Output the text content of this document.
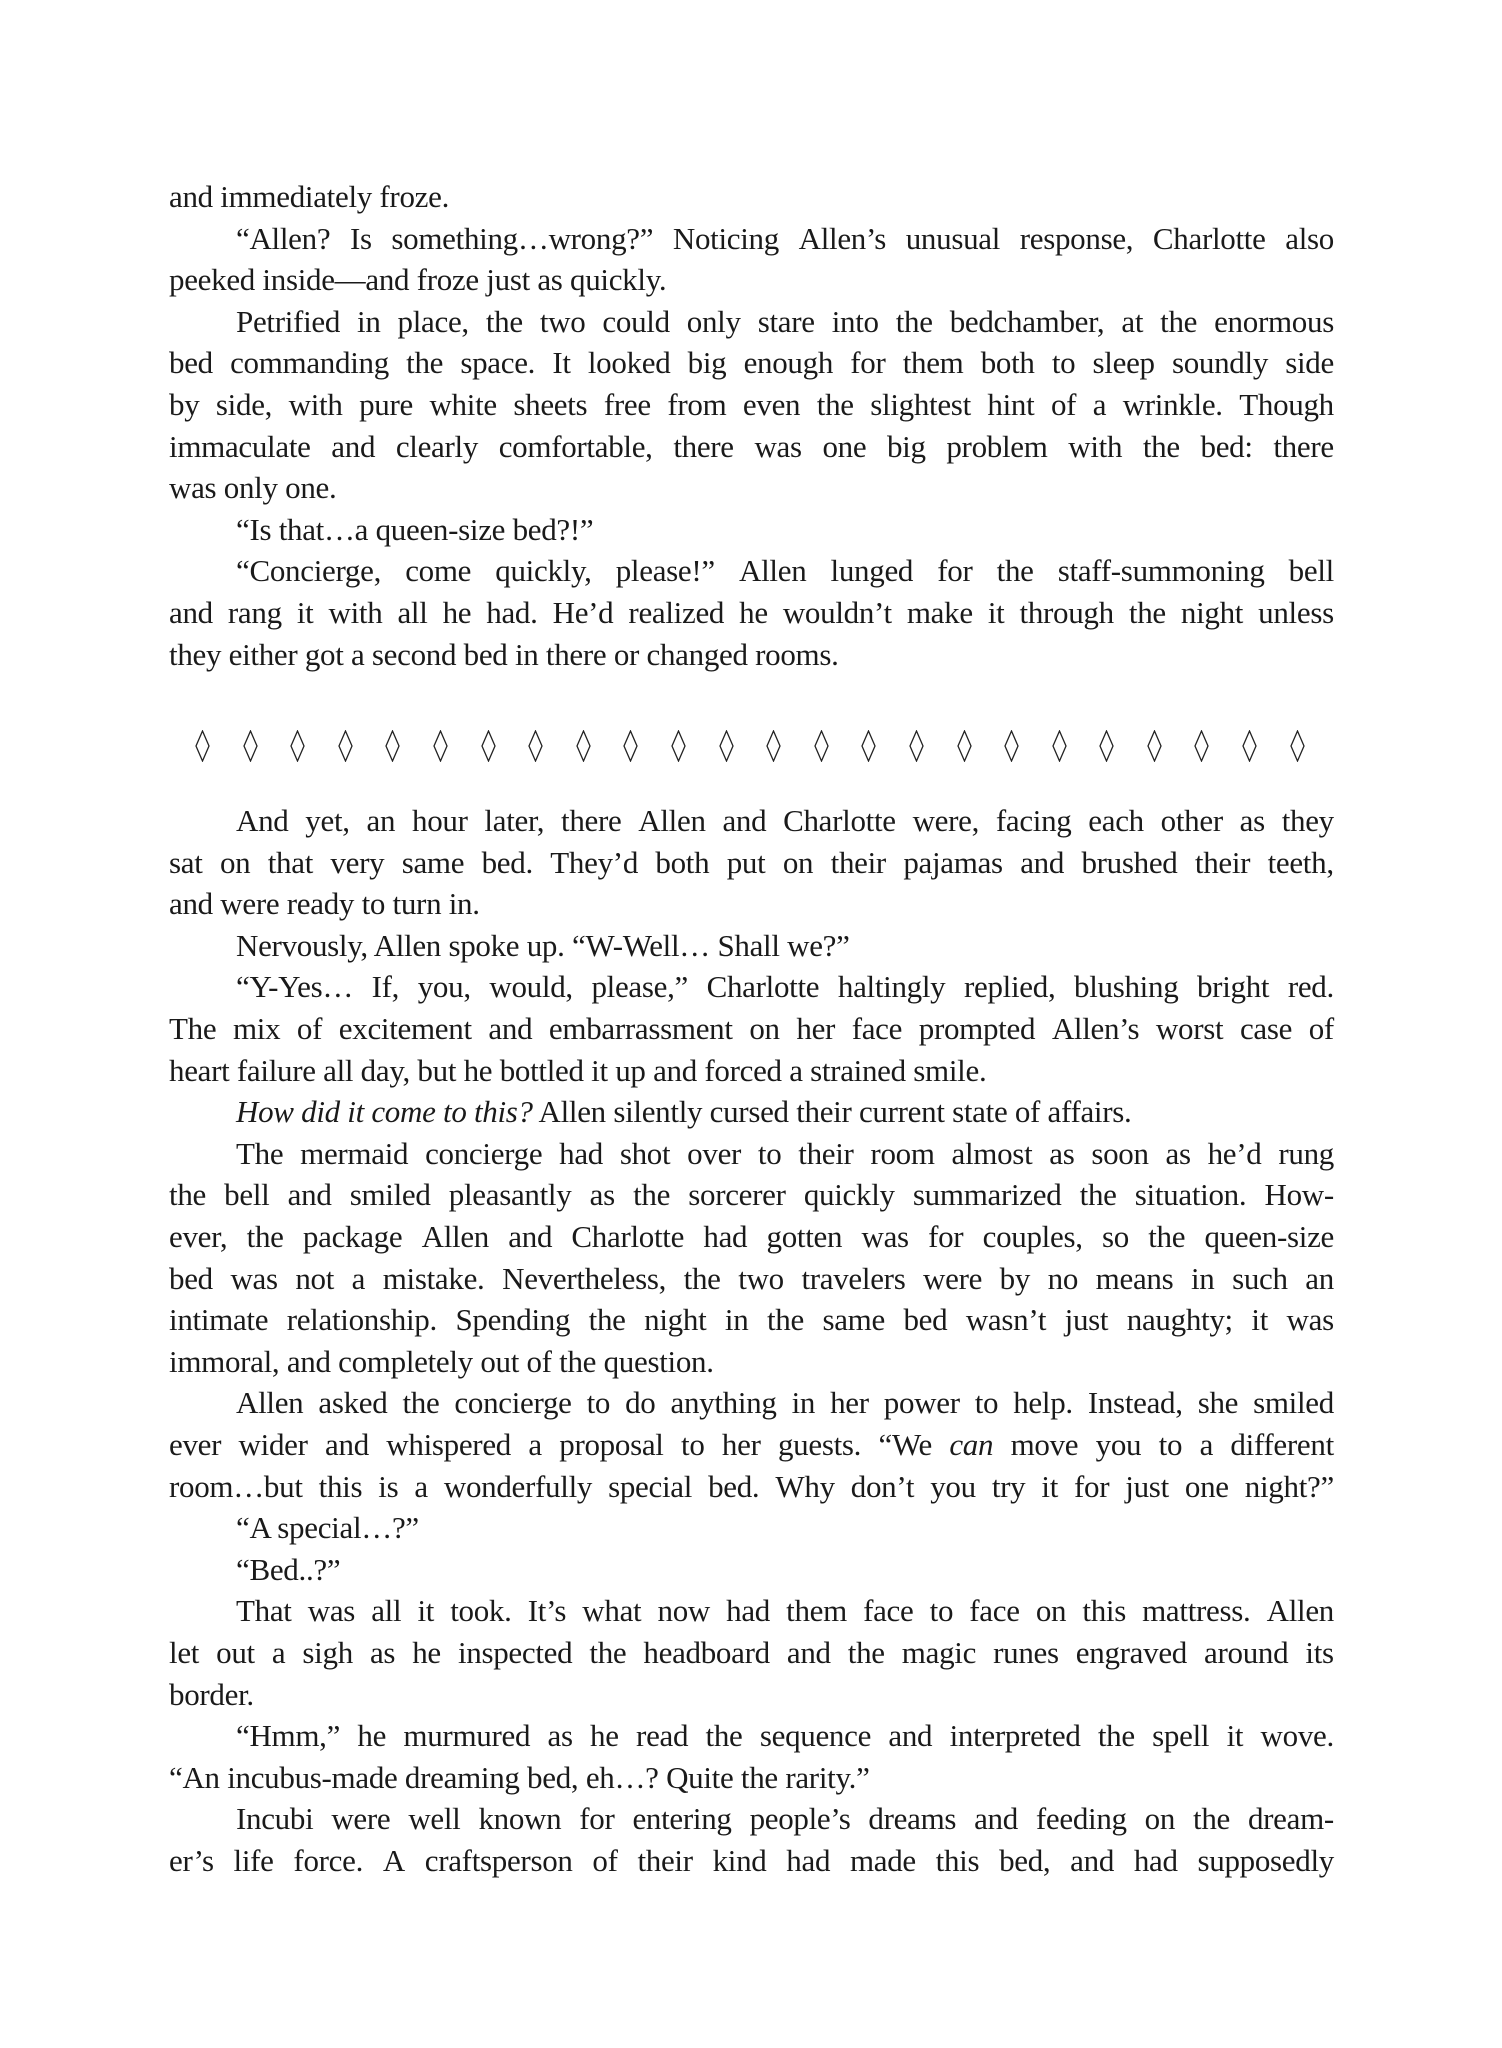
and immediately froze.
“Allen? Is something…wrong?” Noticing Allen’s unusual response, Charlotte also
peeked inside—and froze just as quickly.
Petrified in place, the two could only stare into the bedchamber, at the enormous
bed commanding the space. It looked big enough for them both to sleep soundly side
by side, with pure white sheets free from even the slightest hint of a wrinkle. Though
immaculate and clearly comfortable, there was one big problem with the bed: there
was only one.
“Is that…a queen-size bed?!”
“Concierge, come quickly, please!” Allen lunged for the staff-summoning bell
and rang it with all he had. He’d realized he wouldn’t make it through the night unless
they either got a second bed in there or changed rooms.
And yet, an hour later, there Allen and Charlotte were, facing each other as they
sat on that very same bed. They’d both put on their pajamas and brushed their teeth,
and were ready to turn in.
Nervously, Allen spoke up. “W-Well… Shall we?”
“Y-Yes… If, you, would, please,” Charlotte haltingly replied, blushing bright red.
The mix of excitement and embarrassment on her face prompted Allen’s worst case of
heart failure all day, but he bottled it up and forced a strained smile.
How did it come to this? Allen silently cursed their current state of affairs.
The mermaid concierge had shot over to their room almost as soon as he’d rung
the bell and smiled pleasantly as the sorcerer quickly summarized the situation. How-
ever, the package Allen and Charlotte had gotten was for couples, so the queen-size
bed was not a mistake. Nevertheless, the two travelers were by no means in such an
intimate relationship. Spending the night in the same bed wasn’t just naughty; it was
immoral, and completely out of the question.
Allen asked the concierge to do anything in her power to help. Instead, she smiled
ever wider and whispered a proposal to her guests. “We can move you to a different
room…but this is a wonderfully special bed. Why don’t you try it for just one night?”
“A special…?”
“Bed..?”
That was all it took. It’s what now had them face to face on this mattress. Allen
let out a sigh as he inspected the headboard and the magic runes engraved around its
border.
“Hmm,” he murmured as he read the sequence and interpreted the spell it wove.
“An incubus-made dreaming bed, eh…? Quite the rarity.”
Incubi were well known for entering people’s dreams and feeding on the dream-
er’s life force. A craftsperson of their kind had made this bed, and had supposedly
